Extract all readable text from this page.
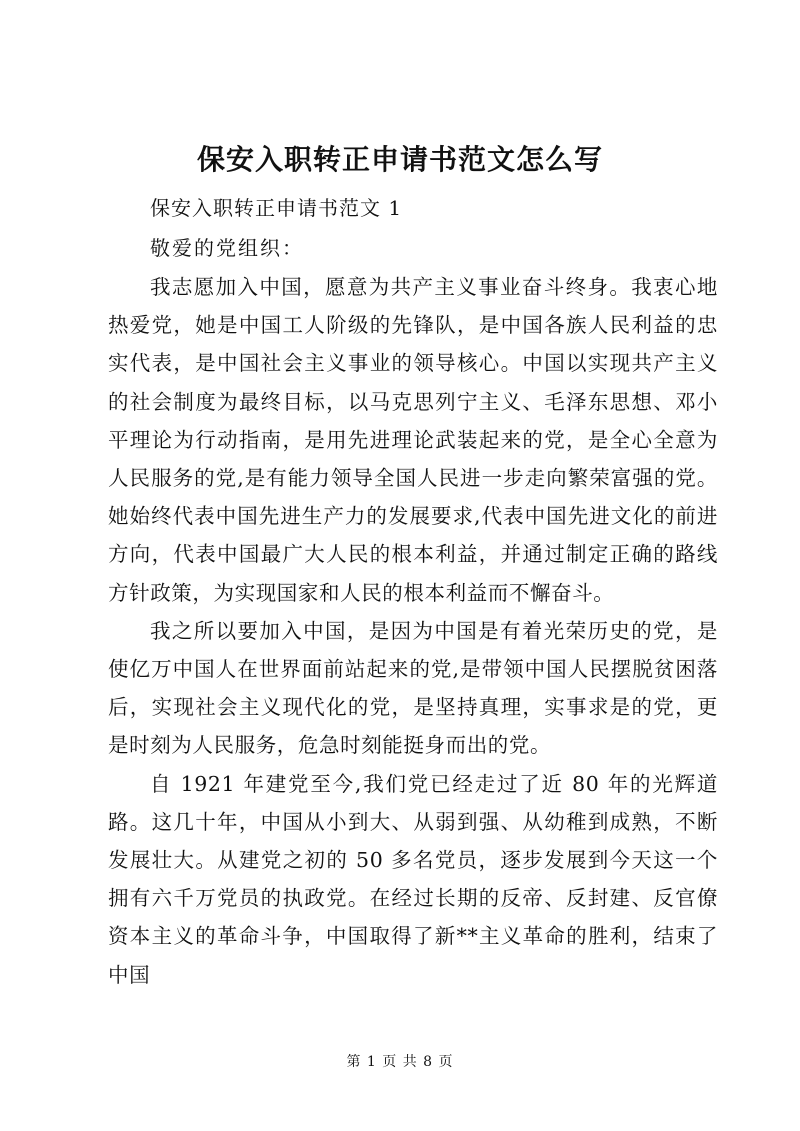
保安入职转正申请书范文怎么写
保安入职转正申请书范文 1
敬爱的党组织：

我志愿加入中国，愿意为共产主义事业奋斗终身。我衷心地热爱党，她是中国工人阶级的先锋队，是中国各族人民利益的忠实代表，是中国社会主义事业的领导核心。中国以实现共产主义的社会制度为最终目标，以马克思列宁主义、毛泽东思想、邓小平理论为行动指南，是用先进理论武装起来的党，是全心全意为人民服务的党,是有能力领导全国人民进一步走向繁荣富强的党。她始终代表中国先进生产力的发展要求,代表中国先进文化的前进方向，代表中国最广大人民的根本利益，并通过制定正确的路线方针政策，为实现国家和人民的根本利益而不懈奋斗。

我之所以要加入中国，是因为中国是有着光荣历史的党，是使亿万中国人在世界面前站起来的党,是带领中国人民摆脱贫困落后，实现社会主义现代化的党，是坚持真理，实事求是的党，更是时刻为人民服务，危急时刻能挺身而出的党。

自 1921 年建党至今,我们党已经走过了近 80 年的光辉道路。这几十年，中国从小到大、从弱到强、从幼稚到成熟，不断发展壮大。从建党之初的 50 多名党员，逐步发展到今天这一个拥有六千万党员的执政党。在经过长期的反帝、反封建、反官僚资本主义的革命斗争，中国取得了新**主义革命的胜利，结束了中国

第 1 页 共 8 页
